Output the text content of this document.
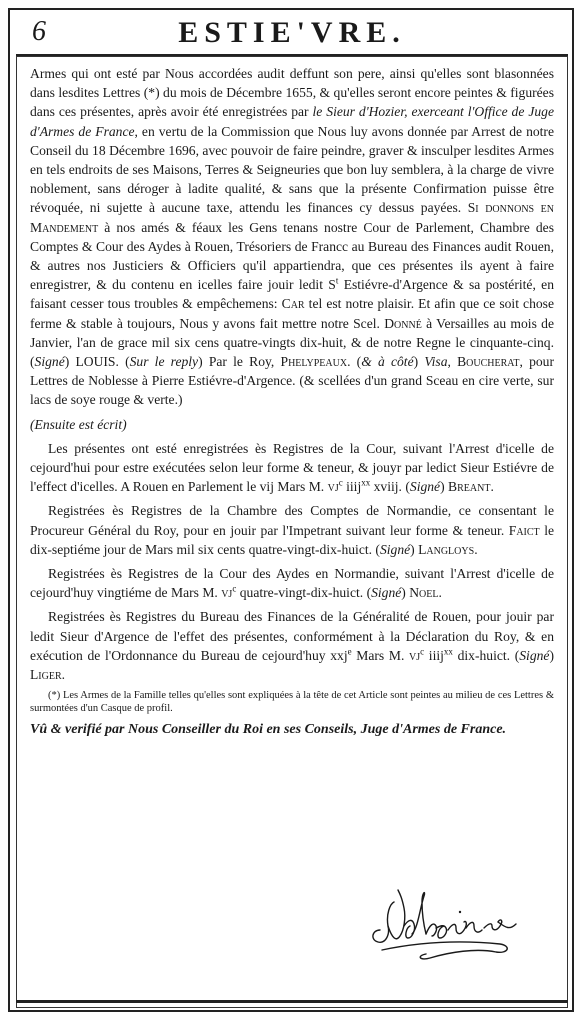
6	ESTIE'VRE.

Armes qui ont esté par Nous accordées audit deffunt son pere, ainsi qu'elles sont blasonnées dans lesdites Lettres (*) du mois de Décembre 1655, & qu'elles seront encore peintes & figurées dans ces présentes, après avoir été enregistrées par le Sieur d'Hozier, exerceant l'Office de Juge d'Armes de France, en vertu de la Commission que Nous luy avons donnée par Arrest de notre Conseil du 18 Décembre 1696, avec pouvoir de faire peindre, graver & insculper lesdites Armes en tels endroits de ses Maisons, Terres & Seigneuries que bon luy semblera, à la charge de vivre noblement, sans déroger à ladite qualité, & sans que la présente Confirmation puisse être révoquée, ni sujette à aucune taxe, attendu les finances cy dessus payées. Si donnons en Mandement à nos amés & féaux les Gens tenans nostre Cour de Parlement, Chambre des Comptes & Cour des Aydes à Rouen, Trésoriers de Francc au Bureau des Finances audit Rouen, & autres nos Justiciers & Officiers qu'il appartiendra, que ces présentes ils ayent à faire enregistrer, & du contenu en icelles faire jouir ledit $S^t$ Estiévre-d'Argence & sa postérité, en faisant cesser tous troubles & empêchemens: Car tel est notre plaisir. Et afin que ce soit chose ferme & stable à toujours, Nous y avons fait mettre notre Scel. Donné à Versailles au mois de Janvier, l'an de grace mil six cens quatre-vingts dix-huit, & de notre Regne le cinquante-cinq. (Signé) LOUIS. (Sur le reply) Par le Roy, Phelypeaux. (& à côté) Visa, Boucherat, pour Lettres de Noblesse à Pierre Estiévre-d'Argence. (& scellées d'un grand Sceau en cire verte, sur lacs de soye rouge & verte.)

(Ensuite est écrit)

Les présentes ont esté enregistrées ès Registres de la Cour, suivant l'Arrest d'icelle de cejourd'hui pour estre exécutées selon leur forme & teneur, & jouyr par ledict Sieur Estiévre de l'effect d'icelles. A Rouen en Parlement le vij Mars M. $vj^c$ iiij$^{xx}$ xviij. (Signé) Breant.

Registrées ès Registres de la Chambre des Comptes de Normandie, ce consentant le Procureur Général du Roy, pour en jouir par l'Impetrant suivant leur forme & teneur. Faict le dix-septiéme jour de Mars mil six cents quatre-vingt-dix-huict. (Signé) Langloys.

Registrées ès Registres de la Cour des Aydes en Normandie, suivant l'Arrest d'icelle de cejourd'huy vingtiéme de Mars M. $vj^c$ quatre-vingt-dix-huict. (Signé) Noel.

Registrées ès Registres du Bureau des Finances de la Généralité de Rouen, pour jouir par ledit Sieur d'Argence de l'effet des présentes, conformément à la Déclaration du Roy, & en exécution de l'Ordonnance du Bureau de cejourd'huy xxj$^e$ Mars M. $vj^c$ iiij$^{xx}$ dix-huict. (Signé) Liger.

(*) Les Armes de la Famille telles qu'elles sont expliquées à la tête de cet Article sont peintes au milieu de ces Lettres & surmontées d'un Casque de profil.

Vû & verifié par Nous Conseiller du Roi en ses Conseils, Juge d'Armes de France.
